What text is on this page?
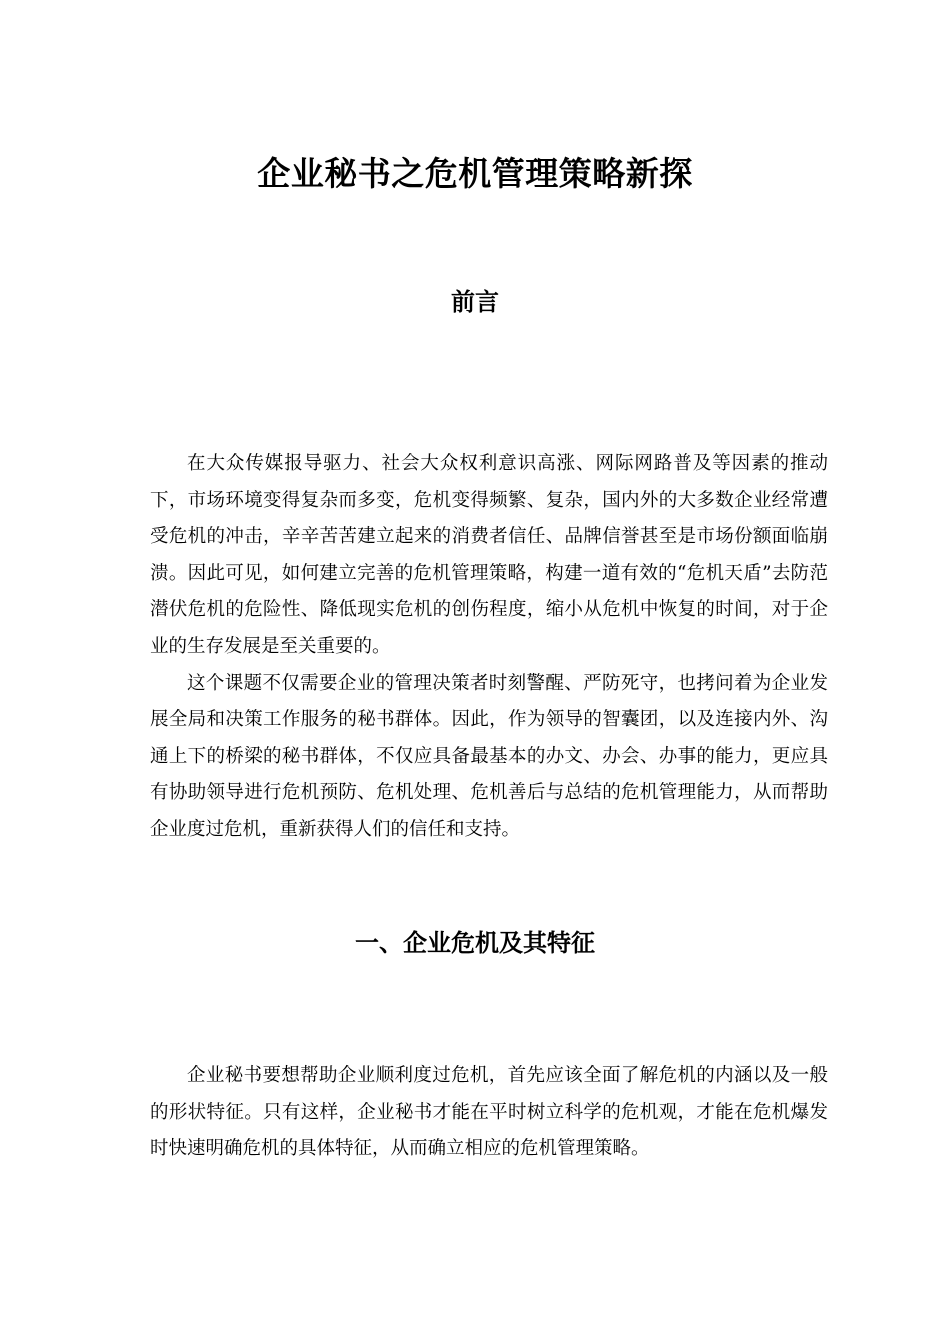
企业秘书之危机管理策略新探
前言

在大众传媒报导驱力、社会大众权利意识高涨、网际网路普及等因素的推动下，市场环境变得复杂而多变，危机变得频繁、复杂，国内外的大多数企业经常遭受危机的冲击，辛辛苦苦建立起来的消费者信任、品牌信誉甚至是市场份额面临崩溃。因此可见，如何建立完善的危机管理策略，构建一道有效的“危机天盾”去防范潜伏危机的危险性、降低现实危机的创伤程度，缩小从危机中恢复的时间，对于企业的生存发展是至关重要的。

这个课题不仅需要企业的管理决策者时刻警醒、严防死守，也拷问着为企业发展全局和决策工作服务的秘书群体。因此，作为领导的智囊团，以及连接内外、沟通上下的桥梁的秘书群体，不仅应具备最基本的办文、办会、办事的能力，更应具有协助领导进行危机预防、危机处理、危机善后与总结的危机管理能力，从而帮助企业度过危机，重新获得人们的信任和支持。

一、企业危机及其特征

企业秘书要想帮助企业顺利度过危机，首先应该全面了解危机的内涵以及一般的形状特征。只有这样，企业秘书才能在平时树立科学的危机观，才能在危机爆发时快速明确危机的具体特征，从而确立相应的危机管理策略。
